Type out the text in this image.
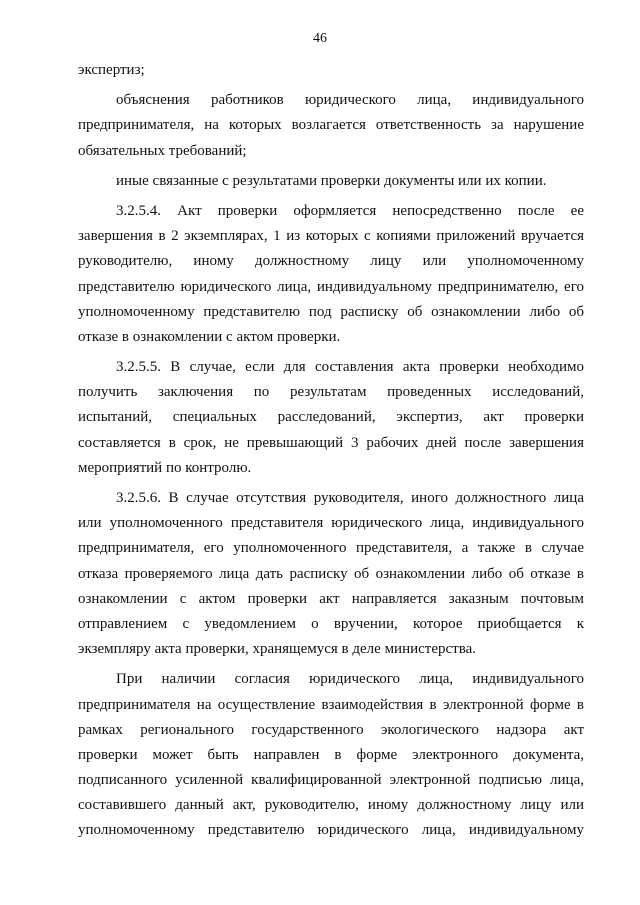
46
экспертиз;
объяснения работников юридического лица, индивидуального
предпринимателя, на которых возлагается ответственность за нарушение
обязательных требований;
иные связанные с результатами проверки документы или их копии.
3.2.5.4. Акт проверки оформляется непосредственно после ее
завершения в 2 экземплярах, 1 из которых с копиями приложений вручается
руководителю, иному должностному лицу или уполномоченному
представителю юридического лица, индивидуальному предпринимателю, его
уполномоченному представителю под расписку об ознакомлении либо об
отказе в ознакомлении с актом проверки.
3.2.5.5. В случае, если для составления акта проверки необходимо
получить заключения по результатам проведенных исследований,
испытаний, специальных расследований, экспертиз, акт проверки
составляется в срок, не превышающий 3 рабочих дней после завершения
мероприятий по контролю.
3.2.5.6. В случае отсутствия руководителя, иного должностного лица
или уполномоченного представителя юридического лица, индивидуального
предпринимателя, его уполномоченного представителя, а также в случае
отказа проверяемого лица дать расписку об ознакомлении либо об отказе в
ознакомлении с актом проверки акт направляется заказным почтовым
отправлением с уведомлением о вручении, которое приобщается к
экземпляру акта проверки, хранящемуся в деле министерства.
При наличии согласия юридического лица, индивидуального
предпринимателя на осуществление взаимодействия в электронной форме в
рамках регионального государственного экологического надзора акт
проверки может быть направлен в форме электронного документа,
подписанного усиленной квалифицированной электронной подписью лица,
составившего данный акт, руководителю, иному должностному лицу или
уполномоченному представителю юридического лица, индивидуальному
